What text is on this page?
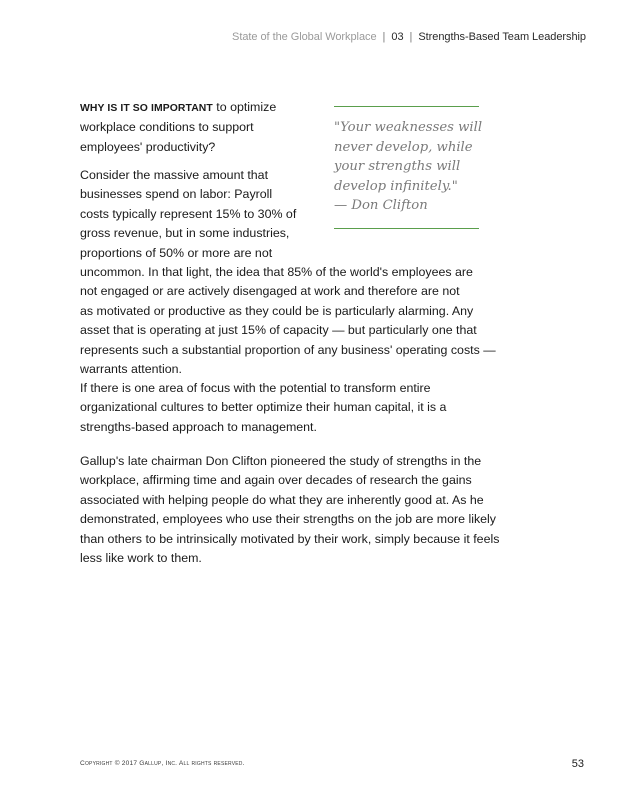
State of the Global Workplace | 03 | Strengths-Based Team Leadership

"Your weaknesses will
never develop, while
your strengths will
develop infinitely."

— Don Clifton

WHY IS IT SO IMPORTANT to optimize
workplace conditions to support
employees' productivity?
Consider the massive amount that
businesses spend on labor: Payroll
costs typically represent 15% to 30% of
gross revenue, but in some industries,
proportions of 50% or more are not
uncommon. In that light, the idea that 85% of the world's employees are
not engaged or are actively disengaged at work and therefore are not
as motivated or productive as they could be is particularly alarming. Any
asset that is operating at just 15% of capacity — but particularly one that
represents such a substantial proportion of any business' operating costs —
warrants attention.
If there is one area of focus with the potential to transform entire
organizational cultures to better optimize their human capital, it is a
strengths-based approach to management.
Gallup's late chairman Don Clifton pioneered the study of strengths in the
workplace, affirming time and again over decades of research the gains
associated with helping people do what they are inherently good at. As he
demonstrated, employees who use their strengths on the job are more likely
than others to be intrinsically motivated by their work, simply because it feels
less like work to them.
Copyright © 2017 Gallup, Inc. All rights reserved.	53
